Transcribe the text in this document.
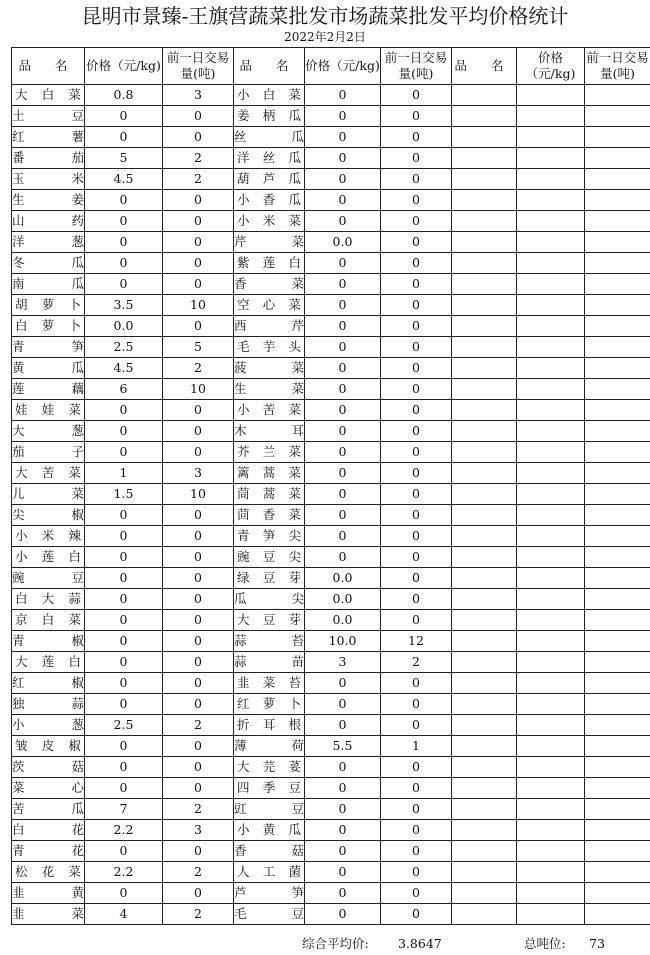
昆明市景臻-王旗营蔬菜批发市场蔬菜批发平均价格统计
2022年2月2日
品 名	价格（元/kg)	前一日交易量(吨)	品 名	价格（元/kg)	前一日交易量(吨)	品 名	价格（元/kg)	前一日交易量(吨)
大白菜	0.8	3	小白菜	0	0			
土豆	0	0	姜柄瓜	0	0			
红薯	0	0	丝瓜	0	0			
番茄	5	2	洋丝瓜	0	0			
玉米	4.5	2	葫芦瓜	0	0			
生姜	0	0	小香瓜	0	0			
山药	0	0	小米菜	0	0			
洋葱	0	0	芹菜	0.0	0			
冬瓜	0	0	紫莲白	0	0			
南瓜	0	0	香菜	0	0			
胡萝卜	3.5	10	空心菜	0	0			
白萝卜	0.0	0	西芹	0	0			
青笋	2.5	5	毛芋头	0	0			
黄瓜	4.5	2	菠菜	0	0			
莲藕	6	10	生菜	0	0			
娃娃菜	0	0	小苦菜	0	0			
大葱	0	0	木耳	0	0			
茄子	0	0	芥兰菜	0	0			
大苦菜	1	3	篱蒿菜	0	0			
儿菜	1.5	10	茼蒿菜	0	0			
尖椒	0	0	茴香菜	0	0			
小米辣	0	0	青笋尖	0	0			
小莲白	0	0	豌豆尖	0	0			
豌豆	0	0	绿豆芽	0.0	0			
白大蒜	0	0	瓜尖	0.0	0			
京白菜	0	0	大豆芽	0.0	0			
青椒	0	0	蒜苔	10.0	12			
大莲白	0	0	蒜苗	3	2			
红椒	0	0	韭菜苔	0	0			
独蒜	0	0	红萝卜	0	0			
小葱	2.5	2	折耳根	0	0			
皱皮椒	0	0	薄荷	5.5	1			
茨菇	0	0	大芫荽	0	0			
菜心	0	0	四季豆	0	0			
苦瓜	7	2	豇豆	0	0			
白花	2.2	3	小黄瓜	0	0			
青花	0	0	香菇	0	0			
松花菜	2.2	2	人工菌	0	0			
韭黄	0	0	芦笋	0	0			
韭菜	4	2	毛豆	0	0			
综合平均价: 3.8647	总吨位: 73
